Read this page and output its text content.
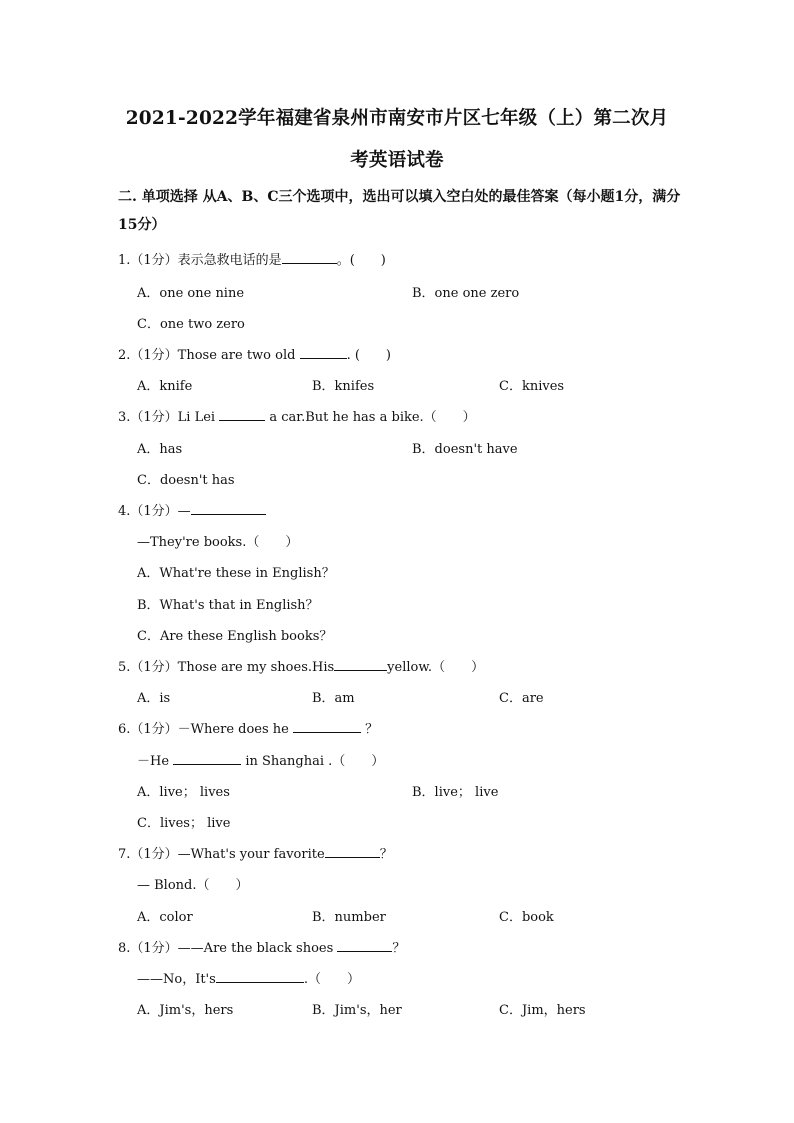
2021-2022学年福建省泉州市南安市片区七年级（上）第二次月
考英语试卷
二. 单项选择 从A、B、C三个选项中，选出可以填入空白处的最佳答案（每小题1分，满分15分）
1.（1分）表示急救电话的是	。(　　)
A．one one nine	B．one one zero
C．one two zero
2.（1分）Those are two old	. (　　)
A．knife	B．knifes	C．knives
3.（1分）Li Lei	a car.But he has a bike.（　　）
A．has	B．doesn't have
C．doesn't has
4.（1分）—
—They're books.（　　）
A．What're these in English？
B．What's that in English？
C．Are these English books？
5.（1分）Those are my shoes.His	yellow.（　　）
A．is	B．am	C．are
6.（1分）－Where does he	？
－He	in Shanghai .（　　）
A．live； lives	B．live； live
C．lives； live
7.（1分）—What's your favorite	？
— Blond.（　　）
A．color	B．number	C．book
8.（1分）——Are the black shoes	？
——No，It's	.（　　）
A．Jim's，hers	B．Jim's，her	C．Jim，hers
